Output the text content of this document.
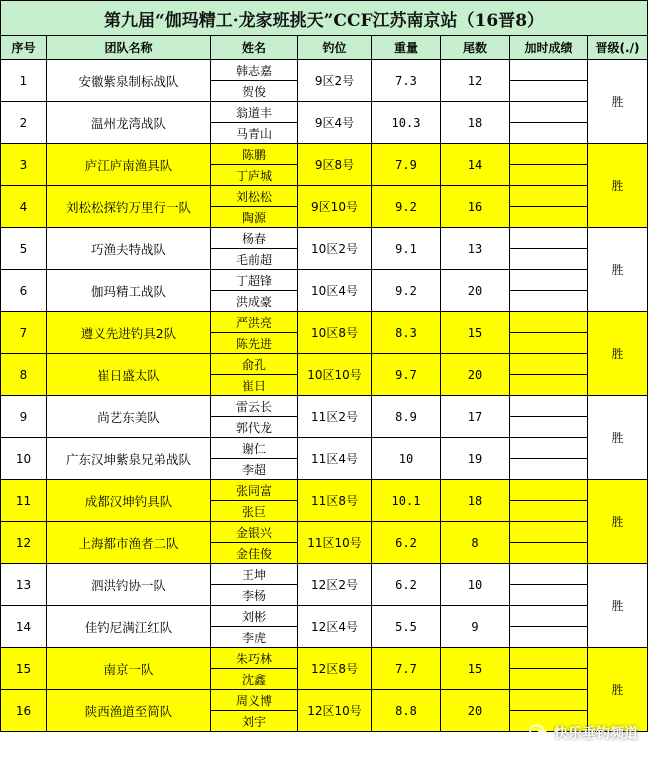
第九届“伽玛精工·龙家班挑天”CCF江苏南京站（16晋8）
序号	团队名称	姓名	钓位	重量	尾数	加时成绩	晋级(./)
1	安徽紫泉制标战队	韩志嘉	9区2号	7.3	12		胜
		贺俊					
2	温州龙湾战队	翁道丰	9区4号	10.3	18		
		马青山					
3	庐江庐南渔具队	陈鹏	9区8号	7.9	14		胜
		丁庐城					
4	刘松松探钓万里行一队	刘松松	9区10号	9.2	16		
		陶源					
5	巧渔夫特战队	杨春	10区2号	9.1	13		胜
		毛前超					
6	伽玛精工战队	丁超锋	10区4号	9.2	20		
		洪成豪					
7	遵义先进钓具2队	严洪亮	10区8号	8.3	15		胜
		陈先进					
8	崔日盛太队	俞孔	10区10号	9.7	20		
		崔日					
9	尚艺东美队	雷云长	11区2号	8.9	17		胜
		郭代龙					
10	广东汉坤紫泉兄弟战队	谢仁	11区4号	10	19		
		李超					
11	成都汉坤钓具队	张同富	11区8号	10.1	18		胜
		张巨					
12	上海都市渔者二队	金银兴	11区10号	6.2	8		
		金佳俊					
13	泗洪钓协一队	王坤	12区2号	6.2	10		胜
		李杨					
14	佳钓尼满江红队	刘彬	12区4号	5.5	9		
		李虎					
15	南京一队	朱巧林	12区8号	7.7	15		胜
		沈鑫					
16	陕西渔道至简队	周义博	12区10号	8.8	20		
		刘宇					
快乐垂钓频道
